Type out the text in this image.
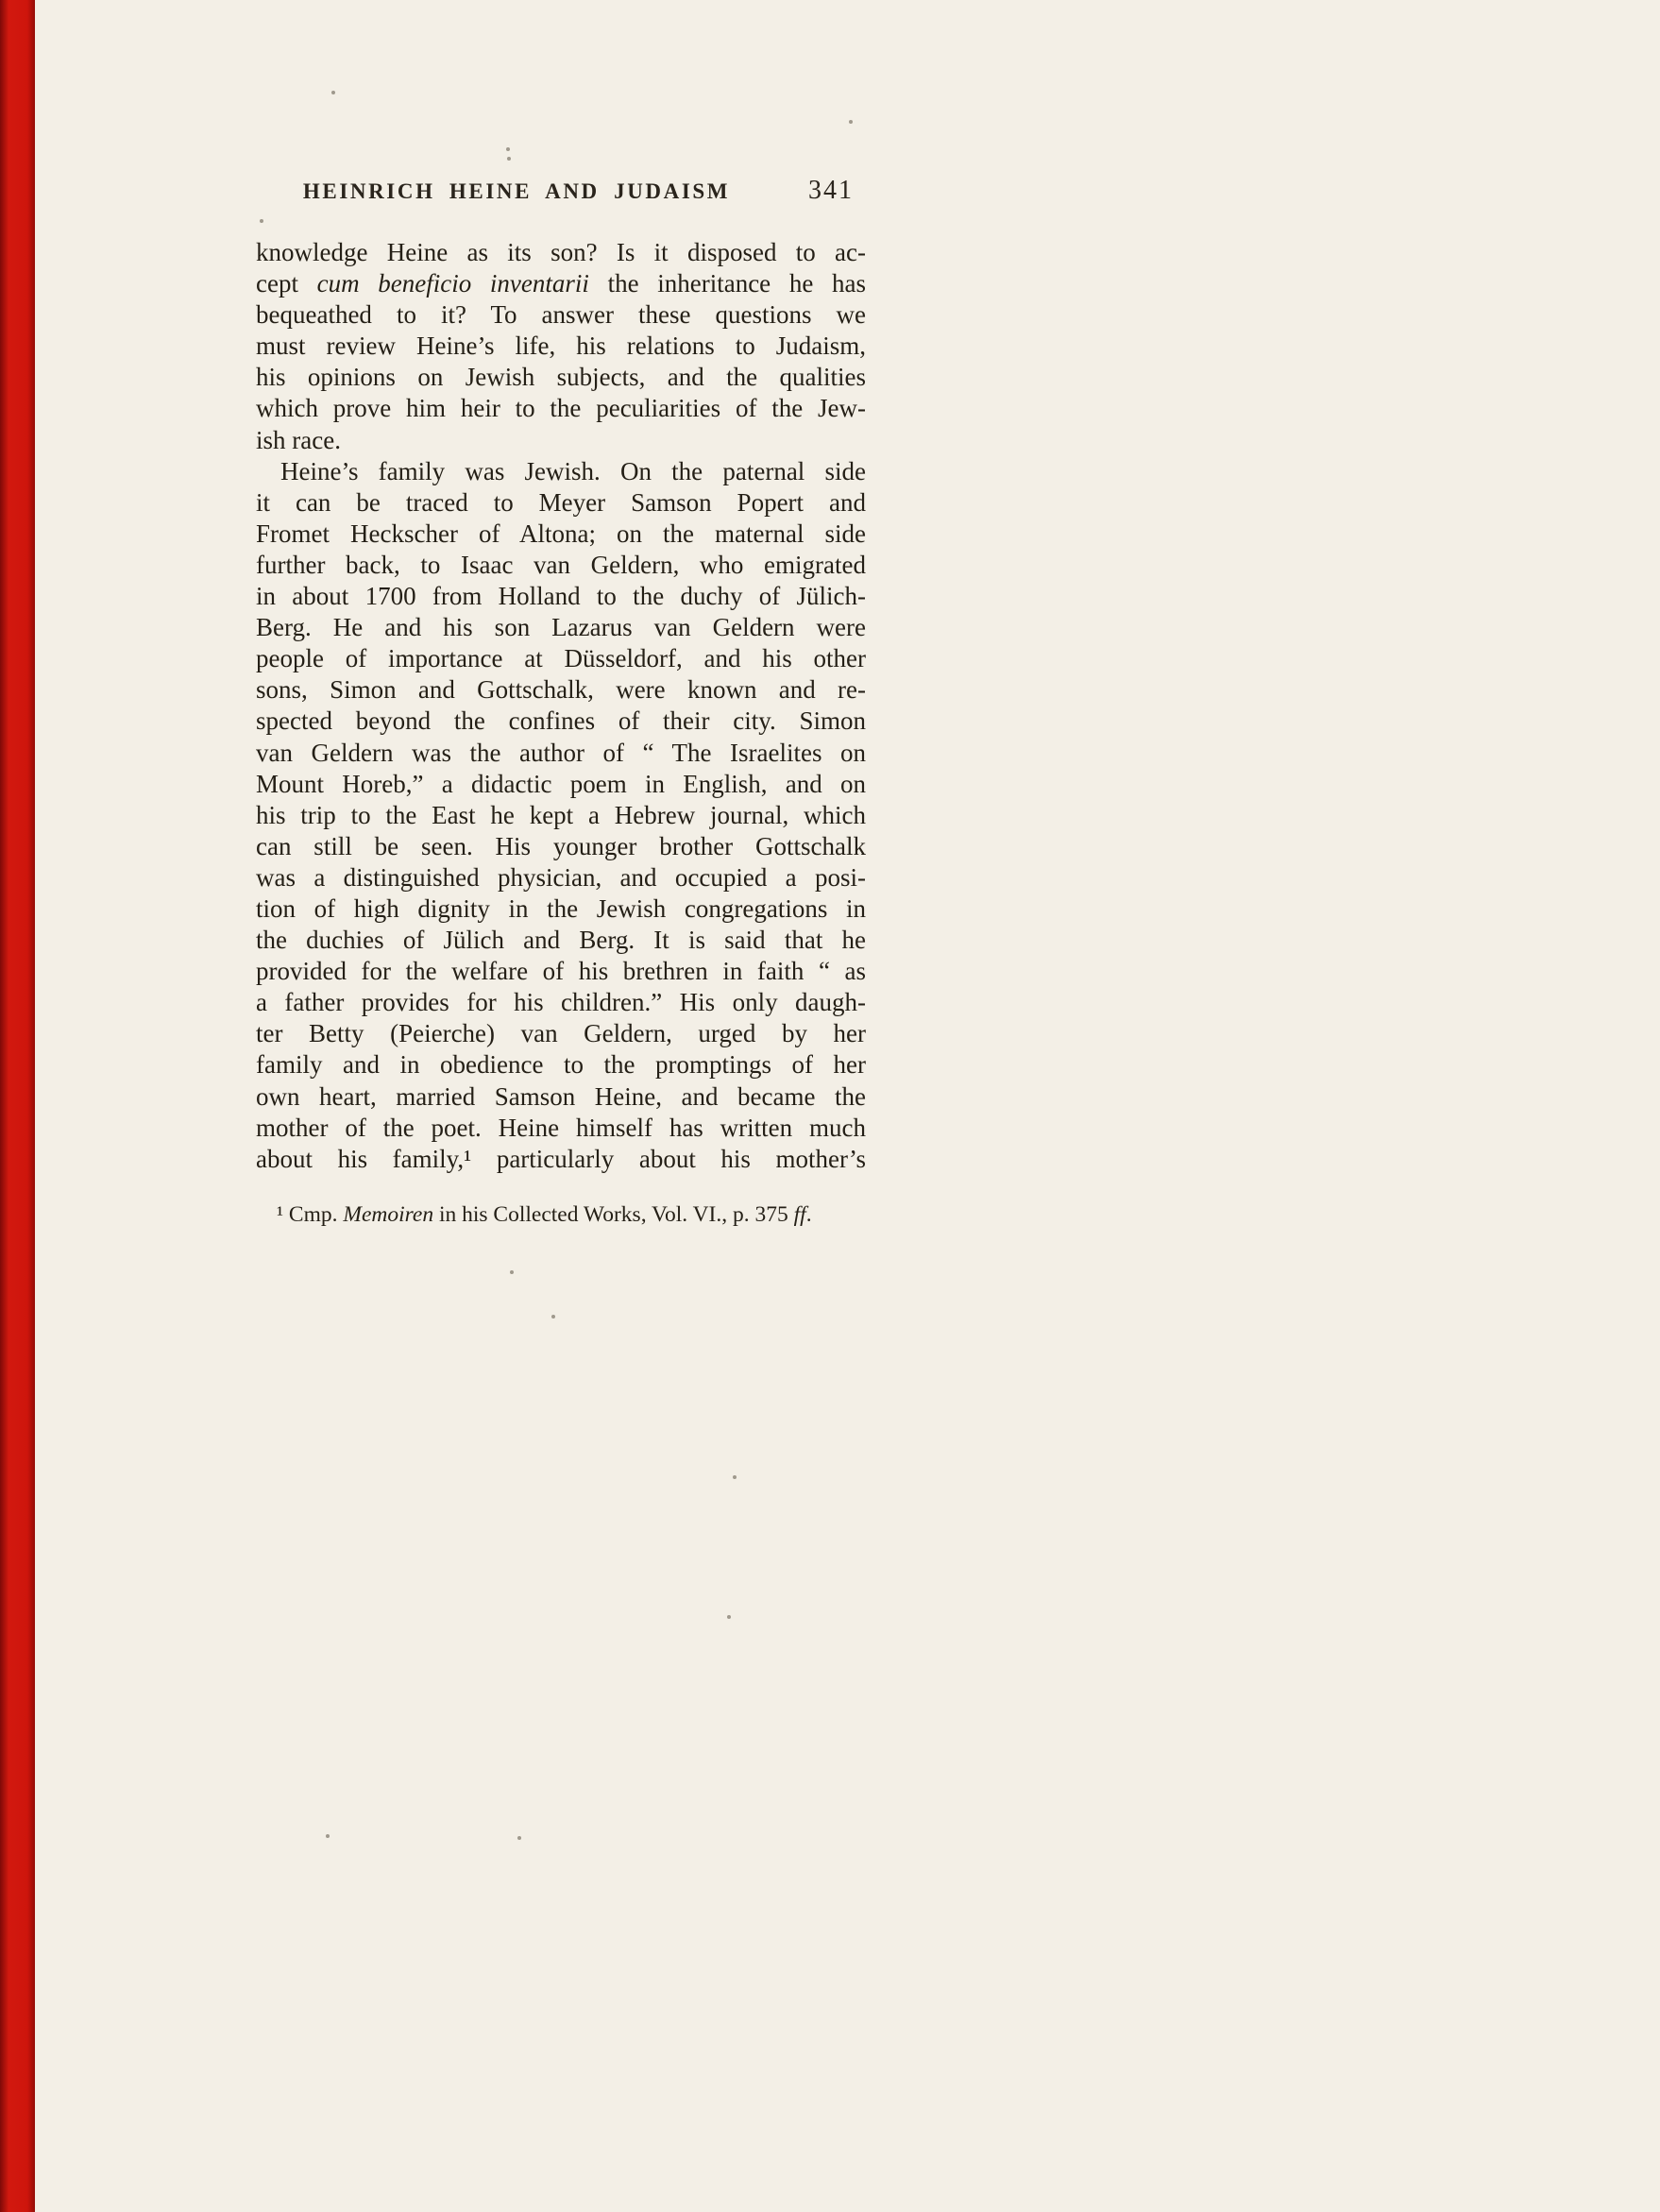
HEINRICH HEINE AND JUDAISM	341
knowledge Heine as its son? Is it disposed to ac-
cept cum beneficio inventarii the inheritance he has
bequeathed to it? To answer these questions we
must review Heine’s life, his relations to Judaism,
his opinions on Jewish subjects, and the qualities
which prove him heir to the peculiarities of the Jew-
ish race.
Heine’s family was Jewish. On the paternal side
it can be traced to Meyer Samson Popert and
Fromet Heckscher of Altona; on the maternal side
further back, to Isaac van Geldern, who emigrated
in about 1700 from Holland to the duchy of Jülich-
Berg. He and his son Lazarus van Geldern were
people of importance at Düsseldorf, and his other
sons, Simon and Gottschalk, were known and re-
spected beyond the confines of their city. Simon
van Geldern was the author of “ The Israelites on
Mount Horeb,” a didactic poem in English, and on
his trip to the East he kept a Hebrew journal, which
can still be seen. His younger brother Gottschalk
was a distinguished physician, and occupied a posi-
tion of high dignity in the Jewish congregations in
the duchies of Jülich and Berg. It is said that he
provided for the welfare of his brethren in faith “ as
a father provides for his children.” His only daugh-
ter Betty (Peierche) van Geldern, urged by her
family and in obedience to the promptings of her
own heart, married Samson Heine, and became the
mother of the poet. Heine himself has written much
about his family,¹ particularly about his mother’s
¹ Cmp. Memoiren in his Collected Works, Vol. VI., p. 375 ff.
